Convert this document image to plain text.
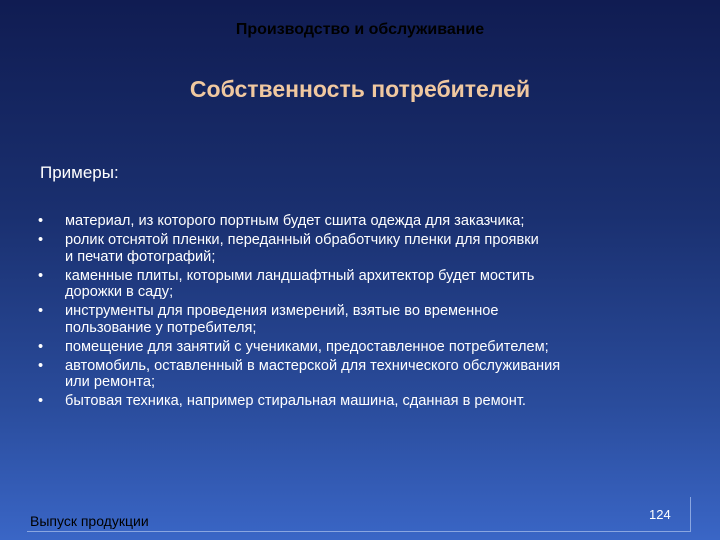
Производство и обслуживание
Собственность потребителей
Примеры:
• материал, из которого портным будет сшита одежда для заказчика;
• ролик отснятой пленки, переданный обработчику пленки для проявки
и печати фотографий;
• каменные плиты, которыми ландшафтный архитектор будет мостить
дорожки в саду;
• инструменты для проведения измерений, взятые во временное
пользование у потребителя;
• помещение для занятий с учениками, предоставленное потребителем;
• автомобиль, оставленный в мастерской для технического обслуживания
или ремонта;
• бытовая техника, например стиральная машина, сданная в ремонт.
Выпуск продукции	124
